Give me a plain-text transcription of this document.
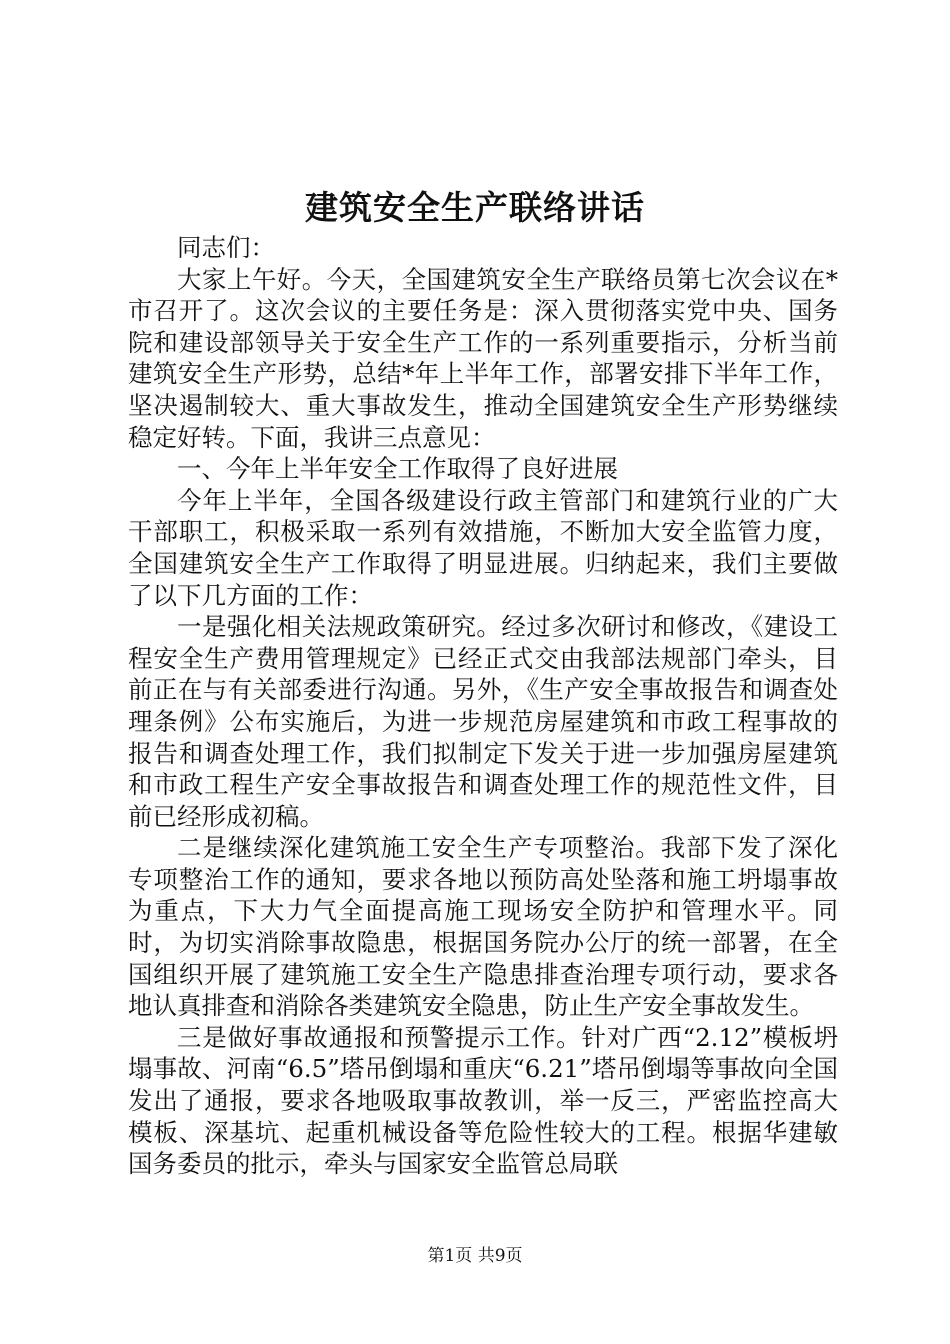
建筑安全生产联络讲话

同志们：

大家上午好。今天，全国建筑安全生产联络员第七次会议在*市召开了。这次会议的主要任务是：深入贯彻落实党中央、国务院和建设部领导关于安全生产工作的一系列重要指示，分析当前建筑安全生产形势，总结*年上半年工作，部署安排下半年工作，坚决遏制较大、重大事故发生，推动全国建筑安全生产形势继续稳定好转。下面，我讲三点意见：

一、今年上半年安全工作取得了良好进展

今年上半年，全国各级建设行政主管部门和建筑行业的广大干部职工，积极采取一系列有效措施，不断加大安全监管力度，全国建筑安全生产工作取得了明显进展。归纳起来，我们主要做了以下几方面的工作：

一是强化相关法规政策研究。经过多次研讨和修改，《建设工程安全生产费用管理规定》已经正式交由我部法规部门牵头，目前正在与有关部委进行沟通。另外，《生产安全事故报告和调查处理条例》公布实施后，为进一步规范房屋建筑和市政工程事故的报告和调查处理工作，我们拟制定下发关于进一步加强房屋建筑和市政工程生产安全事故报告和调查处理工作的规范性文件，目前已经形成初稿。

二是继续深化建筑施工安全生产专项整治。我部下发了深化专项整治工作的通知，要求各地以预防高处坠落和施工坍塌事故为重点，下大力气全面提高施工现场安全防护和管理水平。同时，为切实消除事故隐患，根据国务院办公厅的统一部署，在全国组织开展了建筑施工安全生产隐患排查治理专项行动，要求各地认真排查和消除各类建筑安全隐患，防止生产安全事故发生。

三是做好事故通报和预警提示工作。针对广西“2.12”模板坍塌事故、河南“6.5”塔吊倒塌和重庆“6.21”塔吊倒塌等事故向全国发出了通报，要求各地吸取事故教训，举一反三，严密监控高大模板、深基坑、起重机械设备等危险性较大的工程。根据华建敏国务委员的批示，牵头与国家安全监管总局联

第1页 共9页
